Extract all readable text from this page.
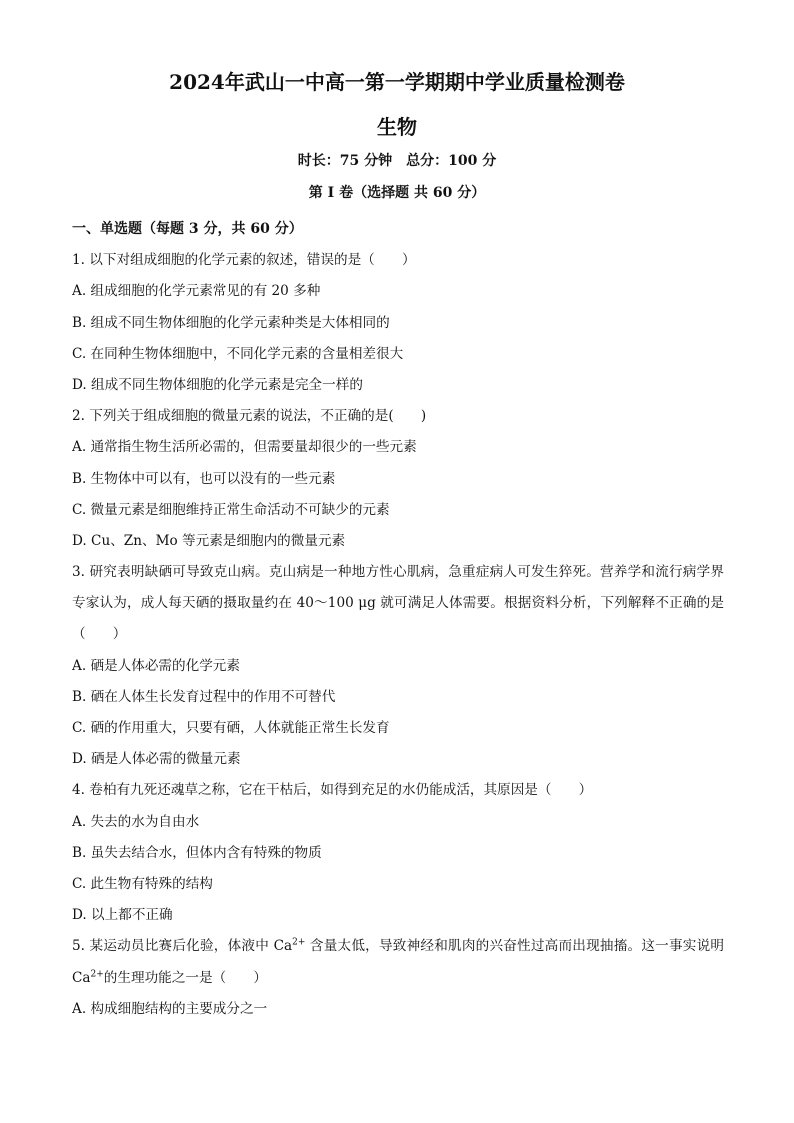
2024年武山一中高一第一学期期中学业质量检测卷
生物
时长：75 分钟　总分：100 分
第 I 卷（选择题 共 60 分）
一、单选题（每题 3 分，共 60 分）
1. 以下对组成细胞的化学元素的叙述，错误的是（　　）
A. 组成细胞的化学元素常见的有 20 多种
B. 组成不同生物体细胞的化学元素种类是大体相同的
C. 在同种生物体细胞中，不同化学元素的含量相差很大
D. 组成不同生物体细胞的化学元素是完全一样的
2. 下列关于组成细胞的微量元素的说法，不正确的是(　　)
A. 通常指生物生活所必需的，但需要量却很少的一些元素
B. 生物体中可以有，也可以没有的一些元素
C. 微量元素是细胞维持正常生命活动不可缺少的元素
D. Cu、Zn、Mo 等元素是细胞内的微量元素
3. 研究表明缺硒可导致克山病。克山病是一种地方性心肌病，急重症病人可发生猝死。营养学和流行病学界专家认为，成人每天硒的摄取量约在 40～100 μg 就可满足人体需要。根据资料分析，下列解释不正确的是（　　）
A. 硒是人体必需的化学元素
B. 硒在人体生长发育过程中的作用不可替代
C. 硒的作用重大，只要有硒，人体就能正常生长发育
D. 硒是人体必需的微量元素
4. 卷柏有九死还魂草之称，它在干枯后，如得到充足的水仍能成活，其原因是（　　）
A. 失去的水为自由水
B. 虽失去结合水，但体内含有特殊的物质
C. 此生物有特殊的结构
D. 以上都不正确
5. 某运动员比赛后化验，体液中 $Ca^{2+}$ 含量太低，导致神经和肌肉的兴奋性过高而出现抽搐。这一事实说明 $Ca^{2+}$的生理功能之一是（　　）
A. 构成细胞结构的主要成分之一
